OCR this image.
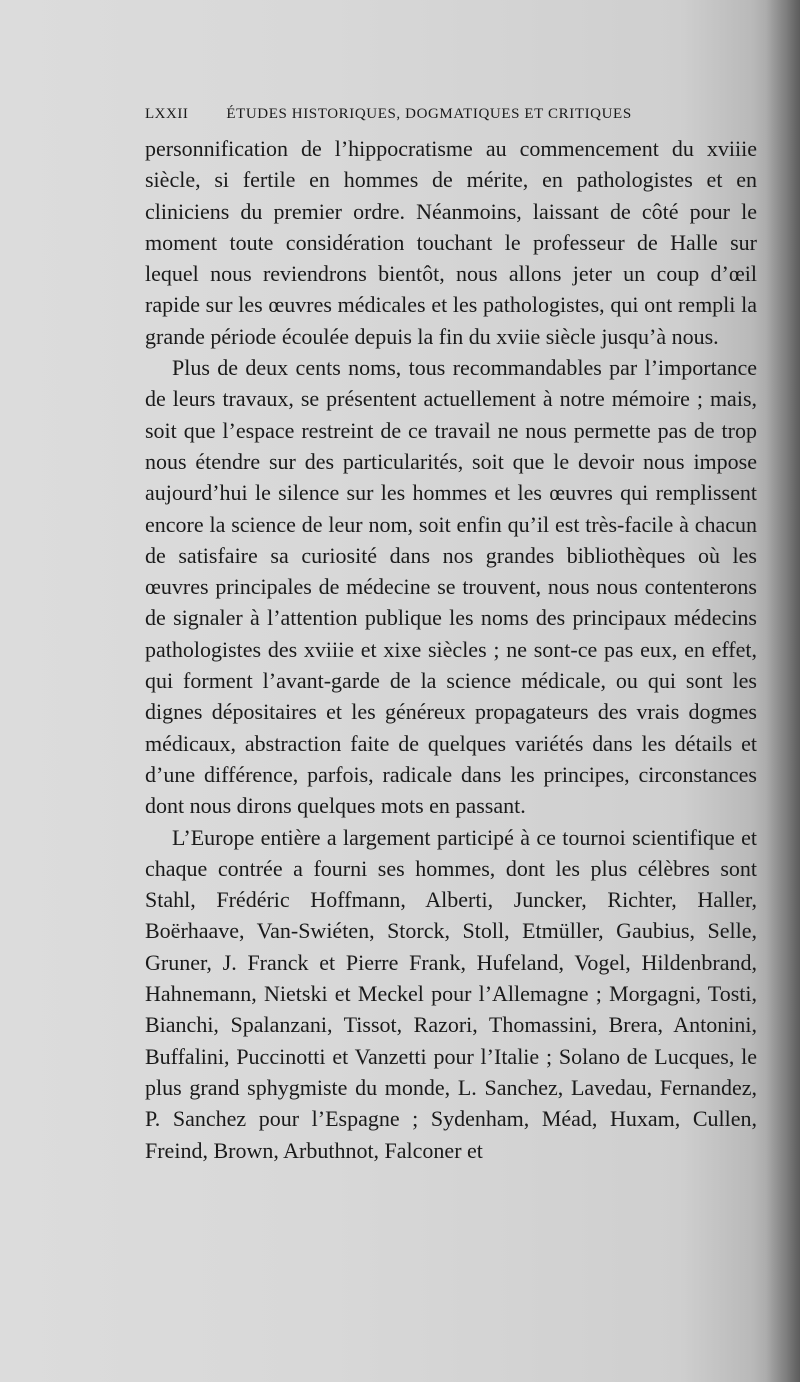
LXXII	ÉTUDES HISTORIQUES, DOGMATIQUES ET CRITIQUES

personnification de l’hippocratisme au commencement du xviiie siècle, si fertile en hommes de mérite, en pathologistes et en cliniciens du premier ordre. Néanmoins, laissant de côté pour le moment toute considération touchant le professeur de Halle sur lequel nous reviendrons bientôt, nous allons jeter un coup d’œil rapide sur les œuvres médicales et les pathologistes, qui ont rempli la grande période écoulée depuis la fin du xviie siècle jusqu’à nous.

Plus de deux cents noms, tous recommandables par l’importance de leurs travaux, se présentent actuellement à notre mémoire ; mais, soit que l’espace restreint de ce travail ne nous permette pas de trop nous étendre sur des particularités, soit que le devoir nous impose aujourd’hui le silence sur les hommes et les œuvres qui remplissent encore la science de leur nom, soit enfin qu’il est très-facile à chacun de satisfaire sa curiosité dans nos grandes bibliothèques où les œuvres principales de médecine se trouvent, nous nous contenterons de signaler à l’attention publique les noms des principaux médecins pathologistes des xviiie et xixe siècles ; ne sont-ce pas eux, en effet, qui forment l’avant-garde de la science médicale, ou qui sont les dignes dépositaires et les généreux propagateurs des vrais dogmes médicaux, abstraction faite de quelques variétés dans les détails et d’une différence, parfois, radicale dans les principes, circonstances dont nous dirons quelques mots en passant.

L’Europe entière a largement participé à ce tournoi scientifique et chaque contrée a fourni ses hommes, dont les plus célèbres sont Stahl, Frédéric Hoffmann, Alberti, Juncker, Richter, Haller, Boërhaave, Van-Swiéten, Storck, Stoll, Etmüller, Gaubius, Selle, Gruner, J. Franck et Pierre Frank, Hufeland, Vogel, Hildenbrand, Hahnemann, Nietski et Meckel pour l’Allemagne ; Morgagni, Tosti, Bianchi, Spalanzani, Tissot, Razori, Thomassini, Brera, Antonini, Buffalini, Puccinotti et Vanzetti pour l’Italie ; Solano de Lucques, le plus grand sphygmiste du monde, L. Sanchez, Lavedau, Fernandez, P. Sanchez pour l’Espagne ; Sydenham, Méad, Huxam, Cullen, Freind, Brown, Arbuthnot, Falconer et
